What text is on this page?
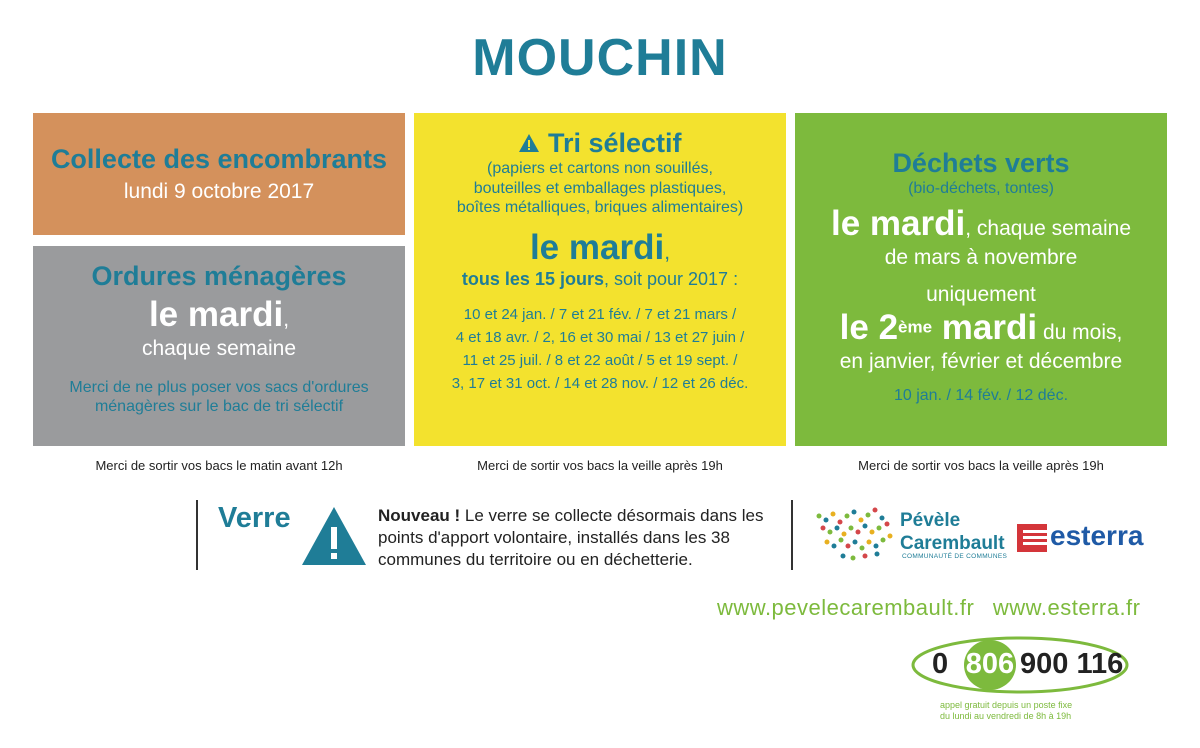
MOUCHIN
Collecte des encombrants
lundi 9 octobre 2017
Ordures ménagères
le mardi,
chaque semaine
Merci de ne plus poser vos sacs d'ordures
ménagères sur le bac de tri sélectif
Tri sélectif
(papiers et cartons non souillés,
bouteilles et emballages plastiques,
boîtes métalliques, briques alimentaires)
le mardi,
tous les 15 jours, soit pour 2017 :
10 et 24 jan. / 7 et 21 fév. / 7 et 21 mars /
4 et 18 avr. / 2, 16 et 30 mai / 13 et 27 juin /
11 et 25 juil. / 8 et 22 août / 5 et 19 sept. /
3, 17 et 31 oct. / 14 et 28 nov. / 12 et 26 déc.
Déchets verts
(bio-déchets, tontes)
le mardi, chaque semaine
de mars à novembre
uniquement
le 2ème mardi du mois,
en janvier, février et décembre
10 jan. / 14 fév. / 12 déc.
Merci de sortir vos bacs le matin avant 12h	Merci de sortir vos bacs la veille après 19h	Merci de sortir vos bacs la veille après 19h
Verre	Nouveau ! Le verre se collecte désormais dans les points d'apport volontaire, installés dans les 38 communes du territoire ou en déchetterie.
Pévèle
Carembault
COMMUNAUTÉ DE COMMUNES
esterra
www.pevelecarembault.fr www.esterra.fr
0 806 900 116
appel gratuit depuis un poste fixe
du lundi au vendredi de 8h à 19h
